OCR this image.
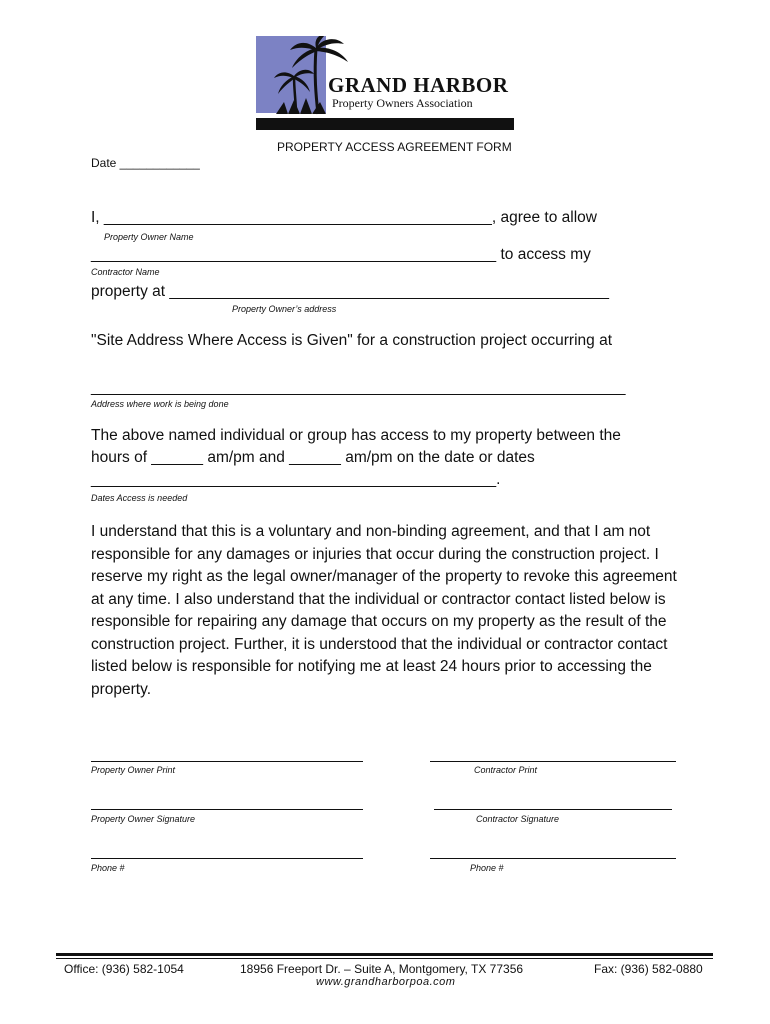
GRAND HARBOR
Property Owners Association
PROPERTY ACCESS AGREEMENT FORM
Date ____________
I, _____________________________________________, agree to allow
Property Owner Name
_______________________________________________ to access my
Contractor Name
property at ___________________________________________________
Property Owner’s address
"Site Address Where Access is Given" for a construction project occurring at
______________________________________________________________
Address where work is being done
The above named individual or group has access to my property between the
hours of ______ am/pm and ______ am/pm on the date or dates
_______________________________________________.
Dates Access is needed
I understand that this is a voluntary and non-binding agreement, and that I am not responsible for any damages or injuries that occur during the construction project. I reserve my right as the legal owner/manager of the property to revoke this agreement at any time. I also understand that the individual or contractor contact listed below is responsible for repairing any damage that occurs on my property as the result of the construction project. Further, it is understood that the individual or contractor contact listed below is responsible for notifying me at least 24 hours prior to accessing the property.
Property Owner Print	Contractor Print
Property Owner Signature	Contractor Signature
Phone #	Phone #
Office: (936) 582-1054	18956 Freeport Dr. – Suite A, Montgomery, TX 77356	Fax: (936) 582-0880
www.grandharborpoa.com
